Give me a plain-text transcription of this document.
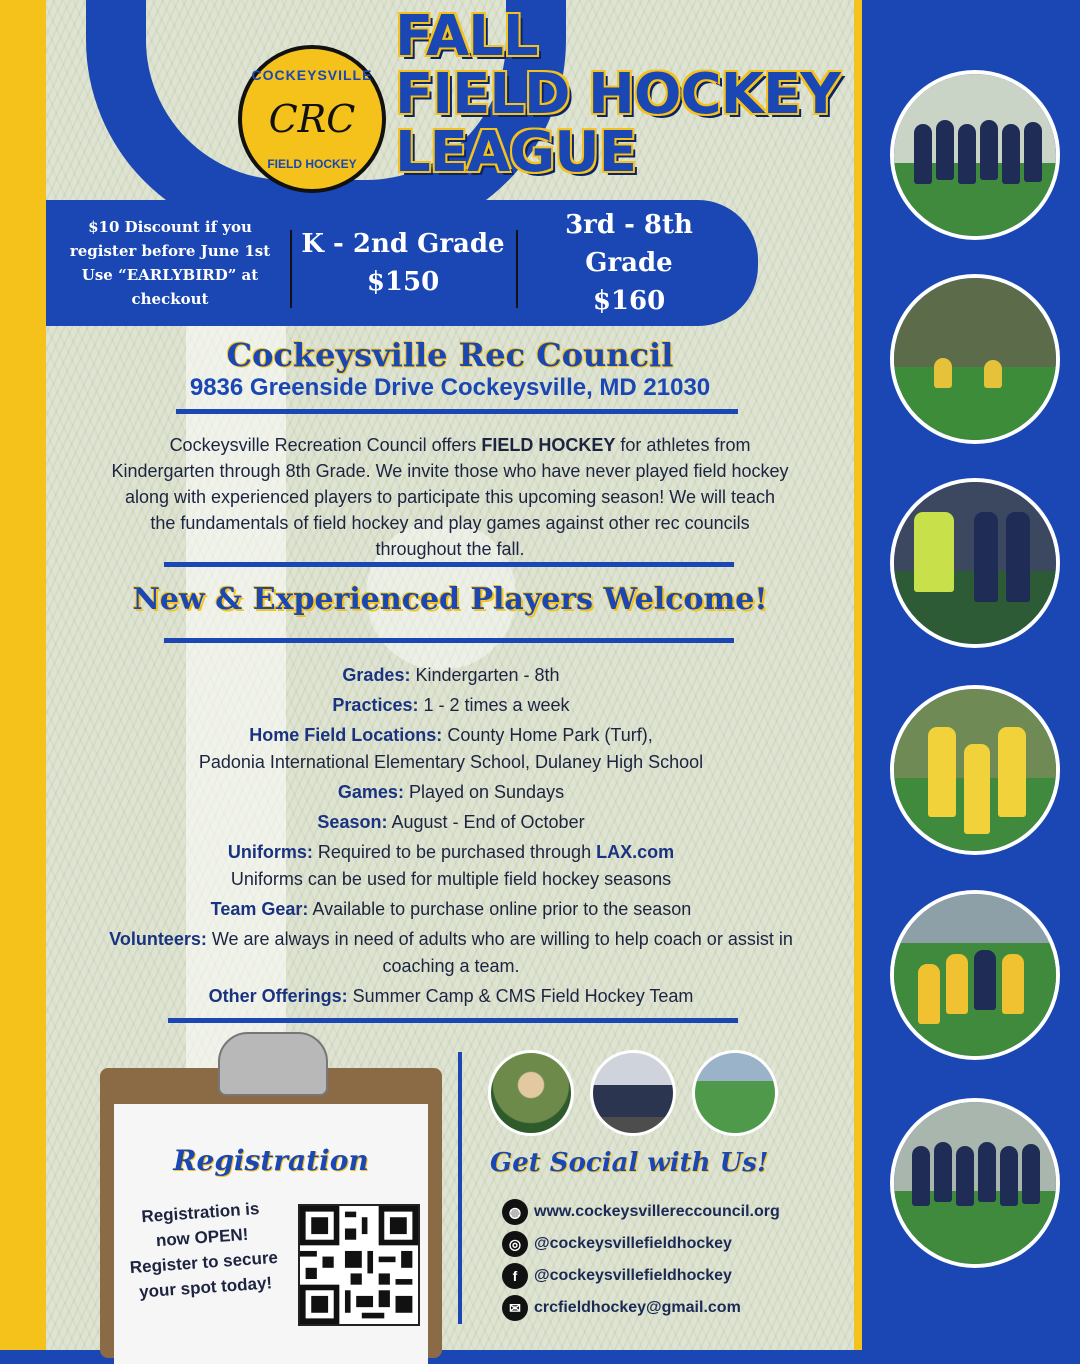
COCKEYSVILLE
CRC
FIELD HOCKEY
FALL
FIELD HOCKEY
LEAGUE
$10 Discount if you
register before June 1st
Use “EARLYBIRD” at
checkout
K - 2nd Grade
$150
3rd - 8th Grade
$160
Cockeysville Rec Council
9836 Greenside Drive Cockeysville, MD 21030
Cockeysville Recreation Council offers FIELD HOCKEY for athletes from Kindergarten through 8th Grade. We invite those who have never played field hockey along with experienced players to participate this upcoming season! We will teach the fundamentals of field hockey and play games against other rec councils throughout the fall.
New & Experienced Players Welcome!
Grades: Kindergarten - 8th
Practices: 1 - 2 times a week
Home Field Locations: County Home Park (Turf),
Padonia International Elementary School, Dulaney High School
Games: Played on Sundays
Season: August - End of October
Uniforms: Required to be purchased through LAX.com
Uniforms can be used for multiple field hockey seasons
Team Gear: Available to purchase online prior to the season
Volunteers: We are always in need of adults who are willing to help coach or assist in coaching a team.
Other Offerings: Summer Camp & CMS Field Hockey Team
Registration
Registration is now OPEN! Register to secure your spot today!
Get Social with Us!
◍ www.cockeysvillereccouncil.org
◎ @cockeysvillefieldhockey
f	@cockeysvillefieldhockey
✉ crcfieldhockey@gmail.com
